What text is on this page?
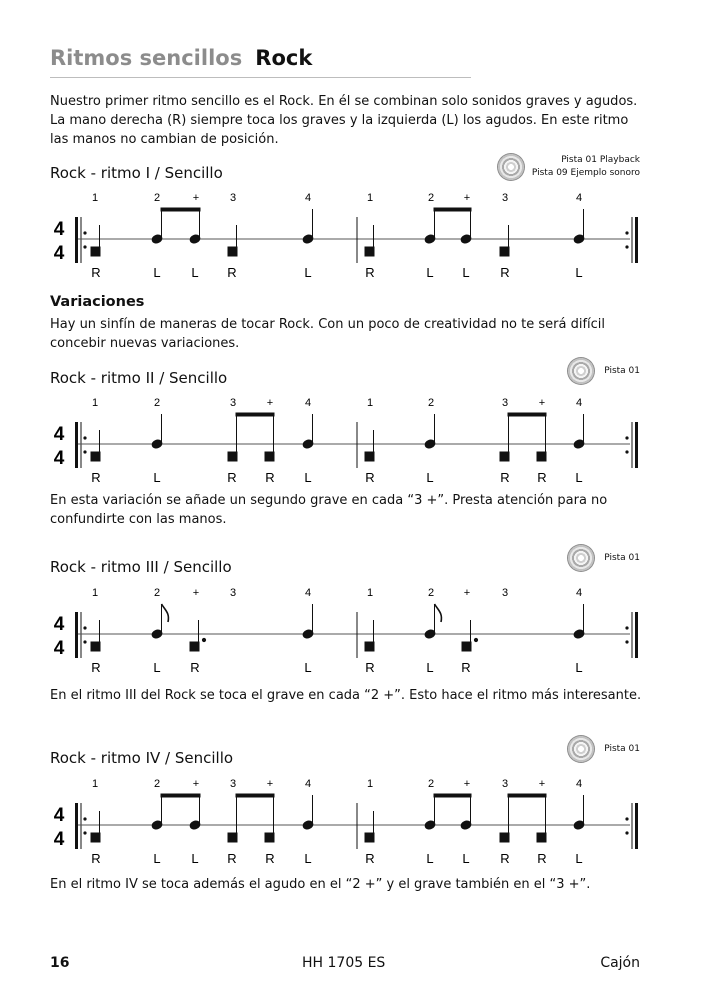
Ritmos sencillos Rock
Nuestro primer ritmo sencillo es el Rock. En él se combinan solo sonidos graves y agudos. La mano derecha (R) siempre toca los graves y la izquierda (L) los agudos. En este ritmo las manos no cambian de posición.
Rock - ritmo I / Sencillo
Pista 01 Playback
Pista 09 Ejemplo sonoro
1	2	+	3	4	1	2	+	3	4
4
4
R	L L R	L	R	L L R	L
Variaciones
Hay un sinfín de maneras de tocar Rock. Con un poco de creatividad no te será difícil concebir nuevas variaciones.
Rock - ritmo II / Sencillo	Pista 01
1	2	3	+	4	1	2	3	+	4
4
4
R	L	R R L	R	L	R R L
En esta variación se añade un segundo grave en cada “3 +”. Presta atención para no confundirte con las manos.
Rock - ritmo III / Sencillo	Pista 01
1	2	+	3	4	1	2	+	3	4
4
4
R	L R	L	R	L R	L
En el ritmo III del Rock se toca el grave en cada “2 +”. Esto hace el ritmo más interesante.
Rock - ritmo IV / Sencillo	Pista 01
1	2	+	3	+	4	1	2	+	3	+	4
4
4
R	L L R R L	R	L L R R L
En el ritmo IV se toca además el agudo en el “2 +” y el grave también en el “3 +”.
16	HH 1705 ES	Cajón
